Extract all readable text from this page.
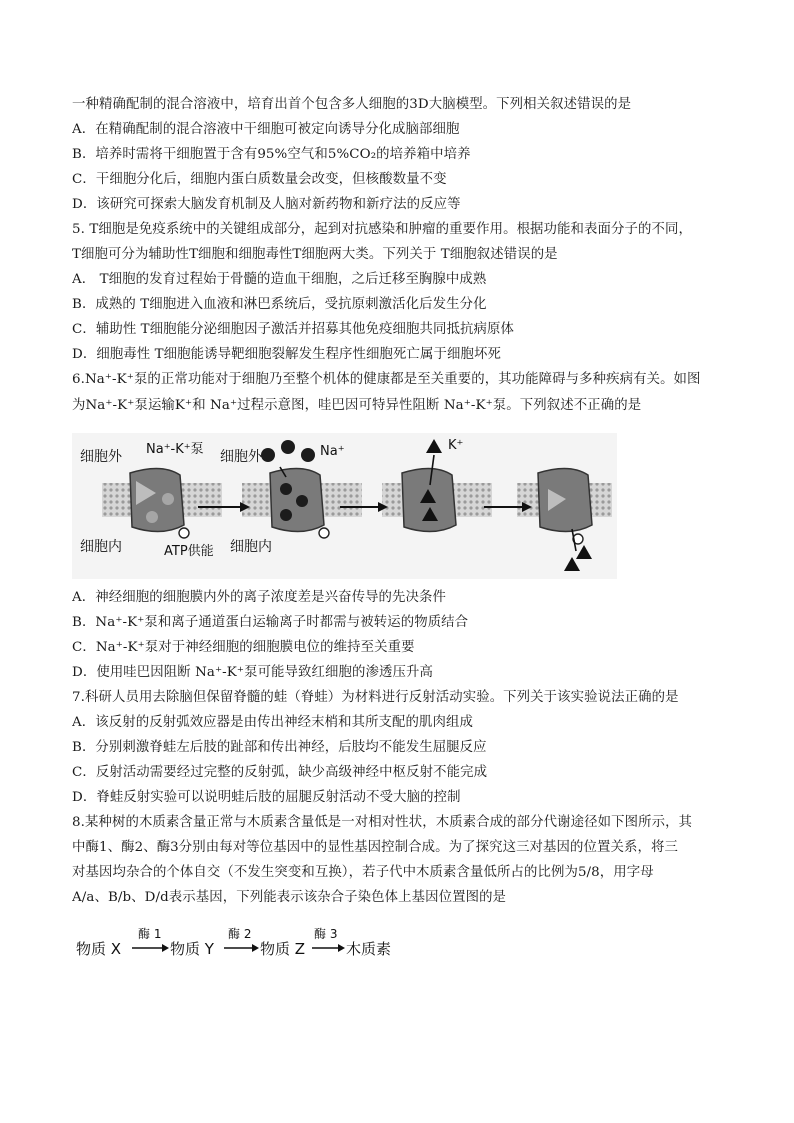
一种精确配制的混合溶液中，培育出首个包含多人细胞的3D大脑模型。下列相关叙述错误的是
A．在精确配制的混合溶液中干细胞可被定向诱导分化成脑部细胞
B．培养时需将干细胞置于含有95%空气和5%CO₂的培养箱中培养
C．干细胞分化后，细胞内蛋白质数量会改变，但核酸数量不变
D．该研究可探索大脑发育机制及人脑对新药物和新疗法的反应等
5. T细胞是免疫系统中的关键组成部分，起到对抗感染和肿瘤的重要作用。根据功能和表面分子的不同，
T细胞可分为辅助性T细胞和细胞毒性T细胞两大类。下列关于 T细胞叙述错误的是
A． T细胞的发育过程始于骨髓的造血干细胞，之后迁移至胸腺中成熟
B．成熟的 T细胞进入血液和淋巴系统后，受抗原刺激活化后发生分化
C．辅助性 T细胞能分泌细胞因子激活并招募其他免疫细胞共同抵抗病原体
D．细胞毒性 T细胞能诱导靶细胞裂解发生程序性细胞死亡属于细胞坏死
6.Na⁺-K⁺泵的正常功能对于细胞乃至整个机体的健康都是至关重要的，其功能障碍与多种疾病有关。如图
为Na⁺-K⁺泵运输K⁺和 Na⁺过程示意图，哇巴因可特异性阻断 Na⁺-K⁺泵。下列叙述不正确的是
细胞外 Na⁺-K⁺泵 细胞外	Na⁺	K⁺
细胞内	ATP供能 细胞内
A．神经细胞的细胞膜内外的离子浓度差是兴奋传导的先决条件
B．Na⁺-K⁺泵和离子通道蛋白运输离子时都需与被转运的物质结合
C．Na⁺-K⁺泵对于神经细胞的细胞膜电位的维持至关重要
D．使用哇巴因阻断 Na⁺-K⁺泵可能导致红细胞的渗透压升高
7.科研人员用去除脑但保留脊髓的蛙（脊蛙）为材料进行反射活动实验。下列关于该实验说法正确的是
A．该反射的反射弧效应器是由传出神经末梢和其所支配的肌肉组成
B．分别刺激脊蛙左后肢的趾部和传出神经，后肢均不能发生屈腿反应
C．反射活动需要经过完整的反射弧，缺少高级神经中枢反射不能完成
D．脊蛙反射实验可以说明蛙后肢的屈腿反射活动不受大脑的控制
8.某种树的木质素含量正常与木质素含量低是一对相对性状，木质素合成的部分代谢途径如下图所示，其
中酶1、酶2、酶3分别由每对等位基因中的显性基因控制合成。为了探究这三对基因的位置关系，将三
对基因均杂合的个体自交（不发生突变和互换），若子代中木质素含量低所占的比例为5/8，用字母
A/a、B/b、D/d表示基因，下列能表示该杂合子染色体上基因位置图的是
物质 X
酶 1
物质 Y
酶 2
物质 Z
酶 3
木质素
